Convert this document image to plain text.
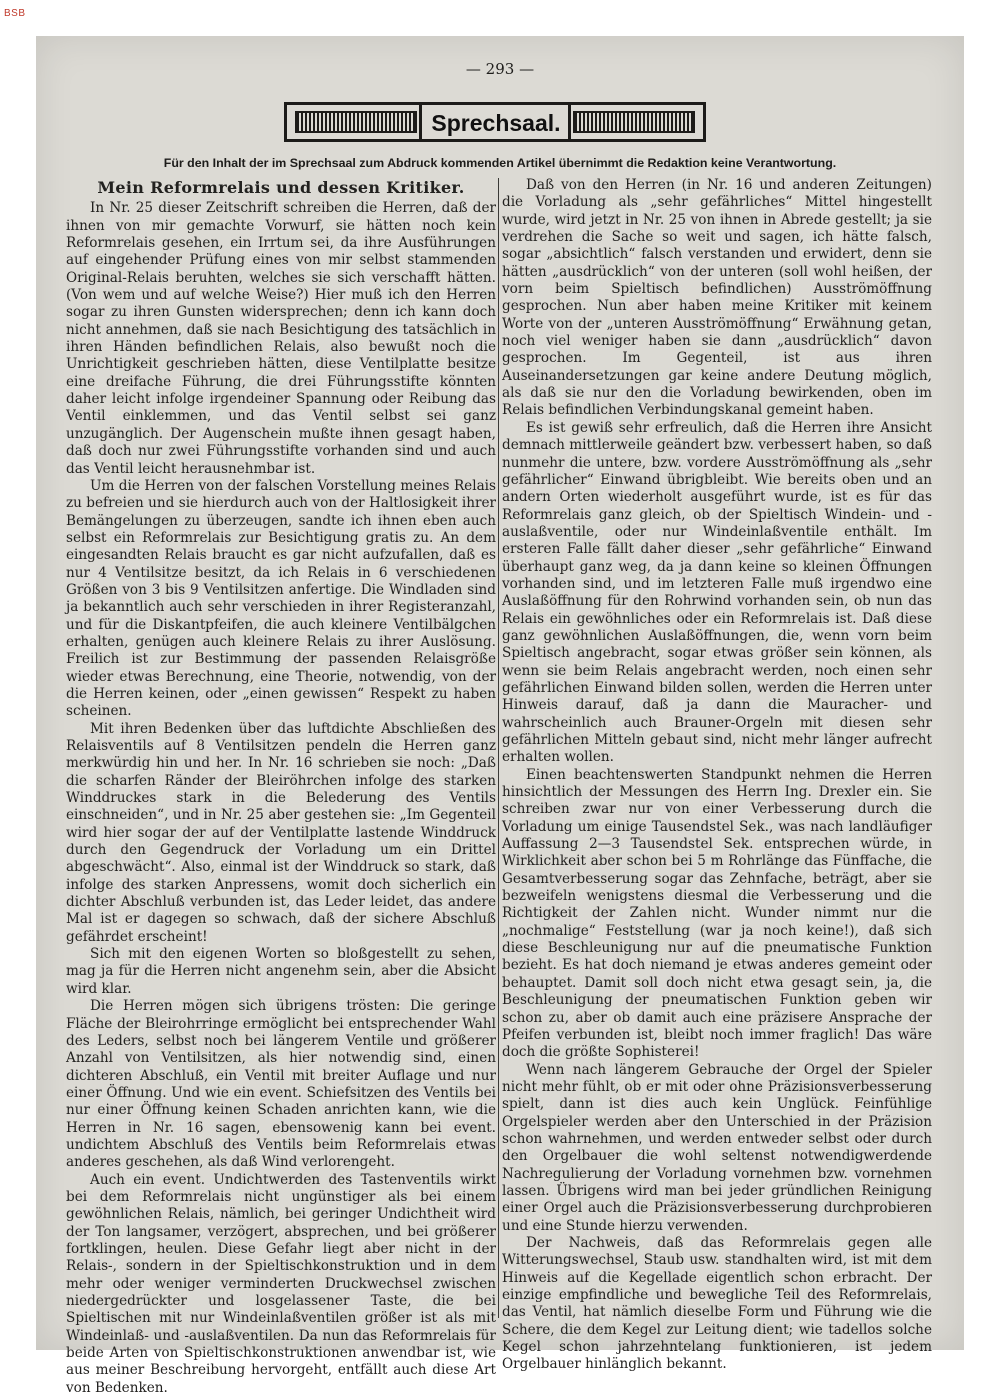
BSB
— 293 —
Sprechsaal.
Für den Inhalt der im Sprechsaal zum Abdruck kommenden Artikel übernimmt die Redaktion keine Verantwortung.
Mein Reformrelais und dessen Kritiker.

In Nr. 25 dieser Zeitschrift schreiben die Herren, daß der ihnen von mir gemachte Vorwurf, sie hätten noch kein Reformrelais gesehen, ein Irrtum sei, da ihre Ausführungen auf eingehender Prüfung eines von mir selbst stammenden Original-Relais beruhten, welches sie sich verschafft hätten. (Von wem und auf welche Weise?) Hier muß ich den Herren sogar zu ihren Gunsten widersprechen; denn ich kann doch nicht annehmen, daß sie nach Besichtigung des tatsächlich in ihren Händen befindlichen Relais, also bewußt noch die Unrichtigkeit geschrieben hätten, diese Ventilplatte besitze eine dreifache Führung, die drei Führungsstifte könnten daher leicht infolge irgendeiner Spannung oder Reibung das Ventil einklemmen, und das Ventil selbst sei ganz unzugänglich. Der Augenschein mußte ihnen gesagt haben, daß doch nur zwei Führungsstifte vorhanden sind und auch das Ventil leicht herausnehmbar ist.

Um die Herren von der falschen Vorstellung meines Relais zu befreien und sie hierdurch auch von der Haltlosigkeit ihrer Bemängelungen zu überzeugen, sandte ich ihnen eben auch selbst ein Reformrelais zur Besichtigung gratis zu. An dem eingesandten Relais braucht es gar nicht aufzufallen, daß es nur 4 Ventilsitze besitzt, da ich Relais in 6 verschiedenen Größen von 3 bis 9 Ventilsitzen anfertige. Die Windladen sind ja bekanntlich auch sehr verschieden in ihrer Registeranzahl, und für die Diskantpfeifen, die auch kleinere Ventilbälgchen erhalten, genügen auch kleinere Relais zu ihrer Auslösung. Freilich ist zur Bestimmung der passenden Relaisgröße wieder etwas Berechnung, eine Theorie, notwendig, von der die Herren keinen, oder „einen gewissen“ Respekt zu haben scheinen.

Mit ihren Bedenken über das luftdichte Abschließen des Relaisventils auf 8 Ventilsitzen pendeln die Herren ganz merkwürdig hin und her. In Nr. 16 schrieben sie noch: „Daß die scharfen Ränder der Bleiröhrchen infolge des starken Winddruckes stark in die Belederung des Ventils einschneiden“, und in Nr. 25 aber gestehen sie: „Im Gegenteil wird hier sogar der auf der Ventilplatte lastende Winddruck durch den Gegendruck der Vorladung um ein Drittel abgeschwächt“. Also, einmal ist der Winddruck so stark, daß infolge des starken Anpressens, womit doch sicherlich ein dichter Abschluß verbunden ist, das Leder leidet, das andere Mal ist er dagegen so schwach, daß der sichere Abschluß gefährdet erscheint!

Sich mit den eigenen Worten so bloßgestellt zu sehen, mag ja für die Herren nicht angenehm sein, aber die Absicht wird klar.

Die Herren mögen sich übrigens trösten: Die geringe Fläche der Bleirohrringe ermöglicht bei entsprechender Wahl des Leders, selbst noch bei längerem Ventile und größerer Anzahl von Ventilsitzen, als hier notwendig sind, einen dichteren Abschluß, ein Ventil mit breiter Auflage und nur einer Öffnung. Und wie ein event. Schiefsitzen des Ventils bei nur einer Öffnung keinen Schaden anrichten kann, wie die Herren in Nr. 16 sagen, ebensowenig kann bei event. undichtem Abschluß des Ventils beim Reformrelais etwas anderes geschehen, als daß Wind verlorengeht.

Auch ein event. Undichtwerden des Tastenventils wirkt bei dem Reformrelais nicht ungünstiger als bei einem gewöhnlichen Relais, nämlich, bei geringer Undichtheit wird der Ton langsamer, verzögert, absprechen, und bei größerer fortklingen, heulen. Diese Gefahr liegt aber nicht in der Relais-, sondern in der Spieltischkonstruktion und in dem mehr oder weniger verminderten Druckwechsel zwischen niedergedrückter und losgelassener Taste, die bei Spieltischen mit nur Windeinlaßventilen größer ist als mit Windeinlaß- und -auslaßventilen. Da nun das Reformrelais für beide Arten von Spieltischkonstruktionen anwendbar ist, wie aus meiner Beschreibung hervorgeht, entfällt auch diese Art von Bedenken.

Daß von den Herren (in Nr. 16 und anderen Zeitungen) die Vorladung als „sehr gefährliches“ Mittel hingestellt wurde, wird jetzt in Nr. 25 von ihnen in Abrede gestellt; ja sie verdrehen die Sache so weit und sagen, ich hätte falsch, sogar „absichtlich“ falsch verstanden und erwidert, denn sie hätten „ausdrücklich“ von der unteren (soll wohl heißen, der vorn beim Spieltisch befindlichen) Ausströmöffnung gesprochen. Nun aber haben meine Kritiker mit keinem Worte von der „unteren Ausströmöffnung“ Erwähnung getan, noch viel weniger haben sie dann „ausdrücklich“ davon gesprochen. Im Gegenteil, ist aus ihren Auseinandersetzungen gar keine andere Deutung möglich, als daß sie nur den die Vorladung bewirkenden, oben im Relais befindlichen Verbindungskanal gemeint haben.

Es ist gewiß sehr erfreulich, daß die Herren ihre Ansicht demnach mittlerweile geändert bzw. verbessert haben, so daß nunmehr die untere, bzw. vordere Ausströmöffnung als „sehr gefährlicher“ Einwand übrigbleibt. Wie bereits oben und an andern Orten wiederholt ausgeführt wurde, ist es für das Reformrelais ganz gleich, ob der Spieltisch Windein- und -auslaßventile, oder nur Windeinlaßventile enthält. Im ersteren Falle fällt daher dieser „sehr gefährliche“ Einwand überhaupt ganz weg, da ja dann keine so kleinen Öffnungen vorhanden sind, und im letzteren Falle muß irgendwo eine Auslaßöffnung für den Rohrwind vorhanden sein, ob nun das Relais ein gewöhnliches oder ein Reformrelais ist. Daß diese ganz gewöhnlichen Auslaßöffnungen, die, wenn vorn beim Spieltisch angebracht, sogar etwas größer sein können, als wenn sie beim Relais angebracht werden, noch einen sehr gefährlichen Einwand bilden sollen, werden die Herren unter Hinweis darauf, daß ja dann die Mauracher- und wahrscheinlich auch Brauner-Orgeln mit diesen sehr gefährlichen Mitteln gebaut sind, nicht mehr länger aufrecht erhalten wollen.

Einen beachtenswerten Standpunkt nehmen die Herren hinsichtlich der Messungen des Herrn Ing. Drexler ein. Sie schreiben zwar nur von einer Verbesserung durch die Vorladung um einige Tausendstel Sek., was nach landläufiger Auffassung 2—3 Tausendstel Sek. entsprechen würde, in Wirklichkeit aber schon bei 5 m Rohrlänge das Fünffache, die Gesamtverbesserung sogar das Zehnfache, beträgt, aber sie bezweifeln wenigstens diesmal die Verbesserung und die Richtigkeit der Zahlen nicht. Wunder nimmt nur die „nochmalige“ Feststellung (war ja noch keine!), daß sich diese Beschleunigung nur auf die pneumatische Funktion bezieht. Es hat doch niemand je etwas anderes gemeint oder behauptet. Damit soll doch nicht etwa gesagt sein, ja, die Beschleunigung der pneumatischen Funktion geben wir schon zu, aber ob damit auch eine präzisere Ansprache der Pfeifen verbunden ist, bleibt noch immer fraglich! Das wäre doch die größte Sophisterei!

Wenn nach längerem Gebrauche der Orgel der Spieler nicht mehr fühlt, ob er mit oder ohne Präzisionsverbesserung spielt, dann ist dies auch kein Unglück. Feinfühlige Orgelspieler werden aber den Unterschied in der Präzision schon wahrnehmen, und werden entweder selbst oder durch den Orgelbauer die wohl seltenst notwendigwerdende Nachregulierung der Vorladung vornehmen bzw. vornehmen lassen. Übrigens wird man bei jeder gründlichen Reinigung einer Orgel auch die Präzisionsverbesserung durchprobieren und eine Stunde hierzu verwenden.

Der Nachweis, daß das Reformrelais gegen alle Witterungswechsel, Staub usw. standhalten wird, ist mit dem Hinweis auf die Kegellade eigentlich schon erbracht. Der einzige empfindliche und bewegliche Teil des Reformrelais, das Ventil, hat nämlich dieselbe Form und Führung wie die Schere, die dem Kegel zur Leitung dient; wie tadellos solche Kegel schon jahrzehntelang funktionieren, ist jedem Orgelbauer hinlänglich bekannt.
